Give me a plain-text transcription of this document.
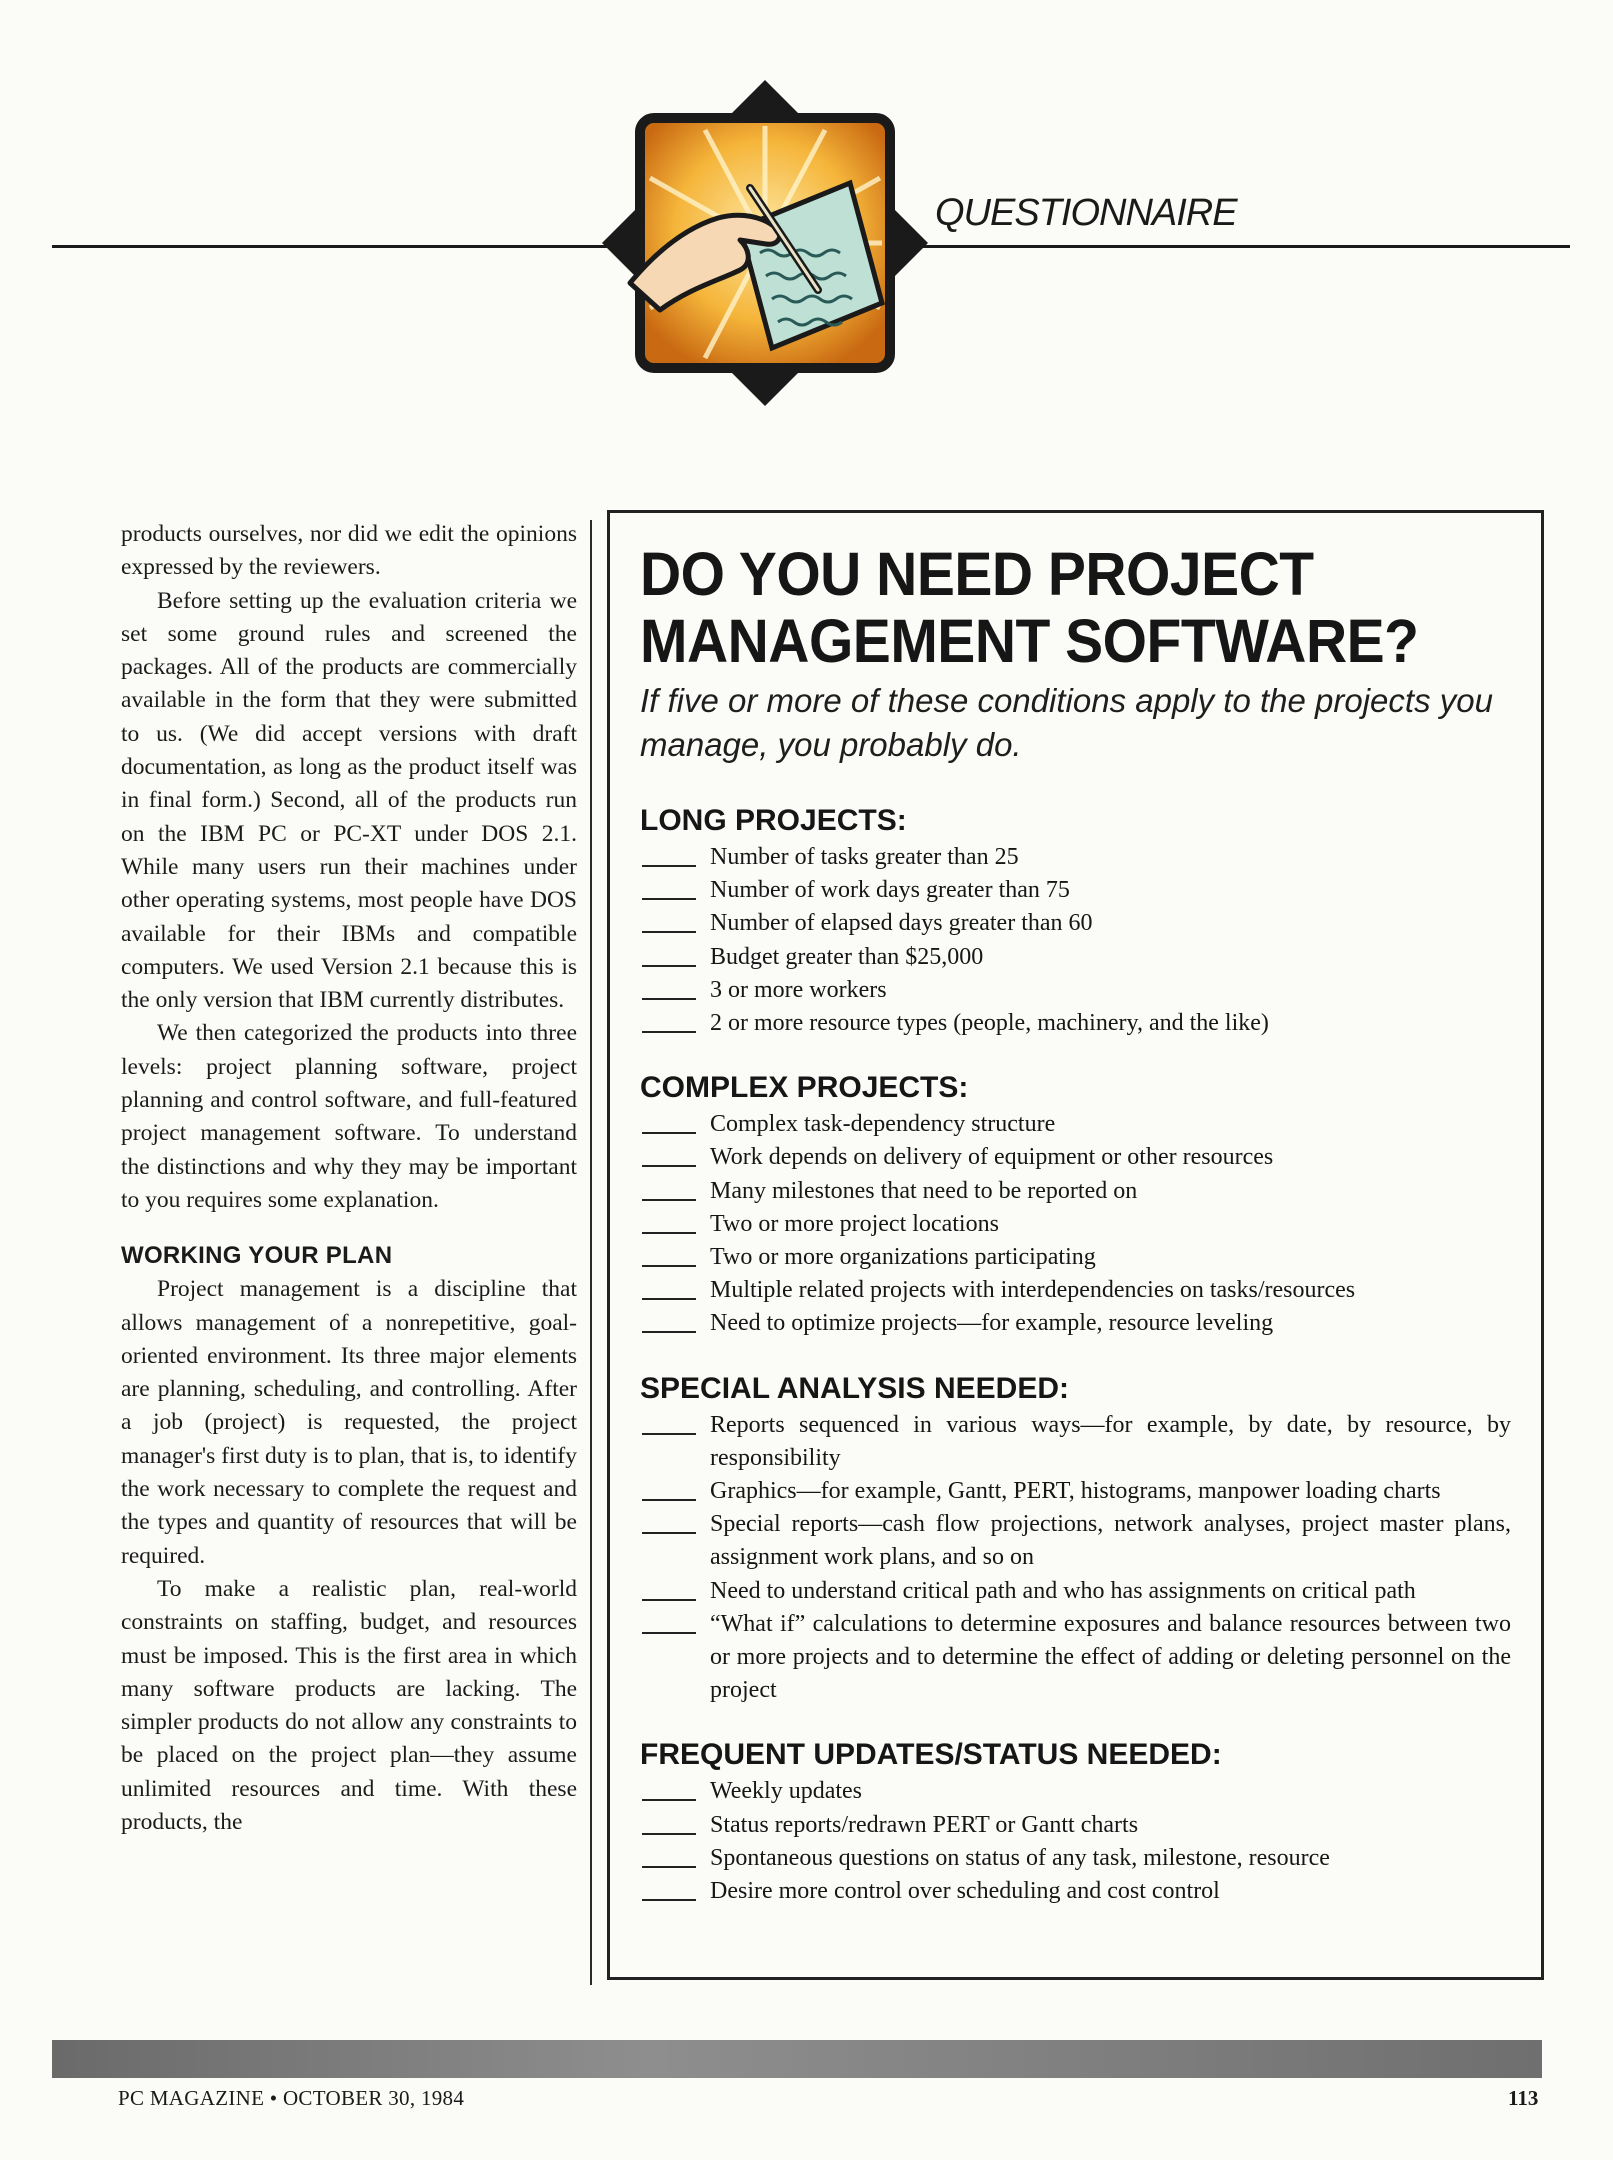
QUESTIONNAIRE

products ourselves, nor did we edit the opinions expressed by the reviewers.

Before setting up the evaluation criteria we set some ground rules and screened the packages. All of the products are commercially available in the form that they were submitted to us. (We did accept versions with draft documentation, as long as the product itself was in final form.) Second, all of the products run on the IBM PC or PC-XT under DOS 2.1. While many users run their machines under other operating systems, most people have DOS available for their IBMs and compatible computers. We used Version 2.1 because this is the only version that IBM currently distributes.

We then categorized the products into three levels: project planning software, project planning and control software, and full-featured project management software. To understand the distinctions and why they may be important to you requires some explanation.

WORKING YOUR PLAN

Project management is a discipline that allows management of a nonrepetitive, goal-oriented environment. Its three major elements are planning, scheduling, and controlling. After a job (project) is requested, the project manager's first duty is to plan, that is, to identify the work necessary to complete the request and the types and quantity of resources that will be required.

To make a realistic plan, real-world constraints on staffing, budget, and resources must be imposed. This is the first area in which many software products are lacking. The simpler products do not allow any constraints to be placed on the project plan—they assume unlimited resources and time. With these products, the

DO YOU NEED PROJECT MANAGEMENT SOFTWARE?

If five or more of these conditions apply to the projects you manage, you probably do.

LONG PROJECTS:
Number of tasks greater than 25
Number of work days greater than 75
Number of elapsed days greater than 60
Budget greater than $25,000
3 or more workers
2 or more resource types (people, machinery, and the like)
COMPLEX PROJECTS:
Complex task-dependency structure
Work depends on delivery of equipment or other resources
Many milestones that need to be reported on
Two or more project locations
Two or more organizations participating
Multiple related projects with interdependencies on tasks/resources
Need to optimize projects—for example, resource leveling
SPECIAL ANALYSIS NEEDED:
Reports sequenced in various ways—for example, by date, by resource, by responsibility
Graphics—for example, Gantt, PERT, histograms, manpower loading charts
Special reports—cash flow projections, network analyses, project master plans, assignment work plans, and so on
Need to understand critical path and who has assignments on critical path
“What if” calculations to determine exposures and balance resources between two or more projects and to determine the effect of adding or deleting personnel on the project
FREQUENT UPDATES/STATUS NEEDED:
Weekly updates
Status reports/redrawn PERT or Gantt charts
Spontaneous questions on status of any task, milestone, resource
Desire more control over scheduling and cost control
PC MAGAZINE • OCTOBER 30, 1984	113
